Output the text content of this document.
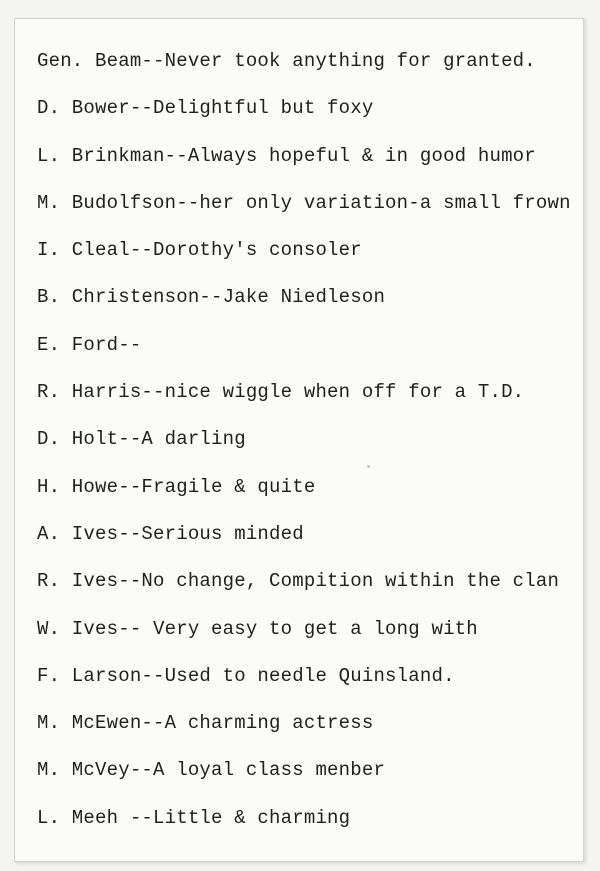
Gen. Beam--Never took anything for granted.
D. Bower--Delightful but foxy
L. Brinkman--Always hopeful & in good humor
M. Budolfson--her only variation-a small frown
I. Cleal--Dorothy's consoler
B. Christenson--Jake Niedleson
E. Ford--
R. Harris--nice wiggle when off for a T.D.
D. Holt--A darling
H. Howe--Fragile & quite
A. Ives--Serious minded
R. Ives--No change, Compition within the clan
W. Ives-- Very easy to get a long with
F. Larson--Used to needle Quinsland.
M. McEwen--A charming actress
M. McVey--A loyal class menber
L. Meeh --Little & charming
